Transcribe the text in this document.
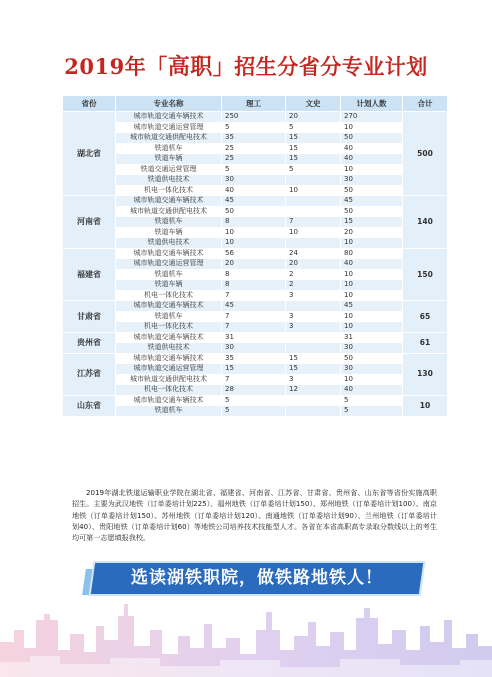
2019年「高职」招生分省分专业计划
省份	专业名称	理工	文史	计划人数	合计
湖北省	城市轨道交通车辆技术	250	20	270	500
	城市轨道交通运营管理	5	5	10	
	城市轨道交通供配电技术	35	15	50	
	铁道机车	25	15	40	
	铁道车辆	25	15	40	
	铁道交通运营管理	5	5	10	
	铁道供电技术	30		30	
	机电一体化技术	40	10	50	
河南省	城市轨道交通车辆技术	45		45	140
	城市轨道交通供配电技术	50		50	
	铁道机车	8	7	15	
	铁道车辆	10	10	20	
	铁道供电技术	10		10	
福建省	城市轨道交通车辆技术	56	24	80	150
	城市轨道交通运营管理	20	20	40	
	铁道机车	8	2	10	
	铁道车辆	8	2	10	
	机电一体化技术	7	3	10	
甘肃省	城市轨道交通车辆技术	45		45	65
	铁道机车	7	3	10	
	机电一体化技术	7	3	10	
贵州省	城市轨道交通车辆技术	31		31	61
	铁道供电技术	30		30	
江苏省	城市轨道交通车辆技术	35	15	50	130
	城市轨道交通运营管理	15	15	30	
	城市轨道交通供配电技术	7	3	10	
	机电一体化技术	28	12	40	
山东省	城市轨道交通车辆技术	5		5	10
	铁道机车	5		5	
2019年湖北铁道运输职业学院在湖北省、福建省、河南省、江苏省、甘肃省、贵州省、山东省等省份实施高职招生。主要为武汉地铁（订单委培计划225）、福州地铁（订单委培计划150）、郑州地铁（订单委培计划100）、南京地铁（订单委培计划150）、苏州地铁（订单委培计划120）、南通地铁（订单委培计划90）、兰州地铁（订单委培计划40）、贵阳地铁（订单委培计划60）等地铁公司培养技术技能型人才。各省在本省高职高专录取分数线以上的考生均可第一志愿填报我校。
选读湖铁职院，做铁路地铁人！
